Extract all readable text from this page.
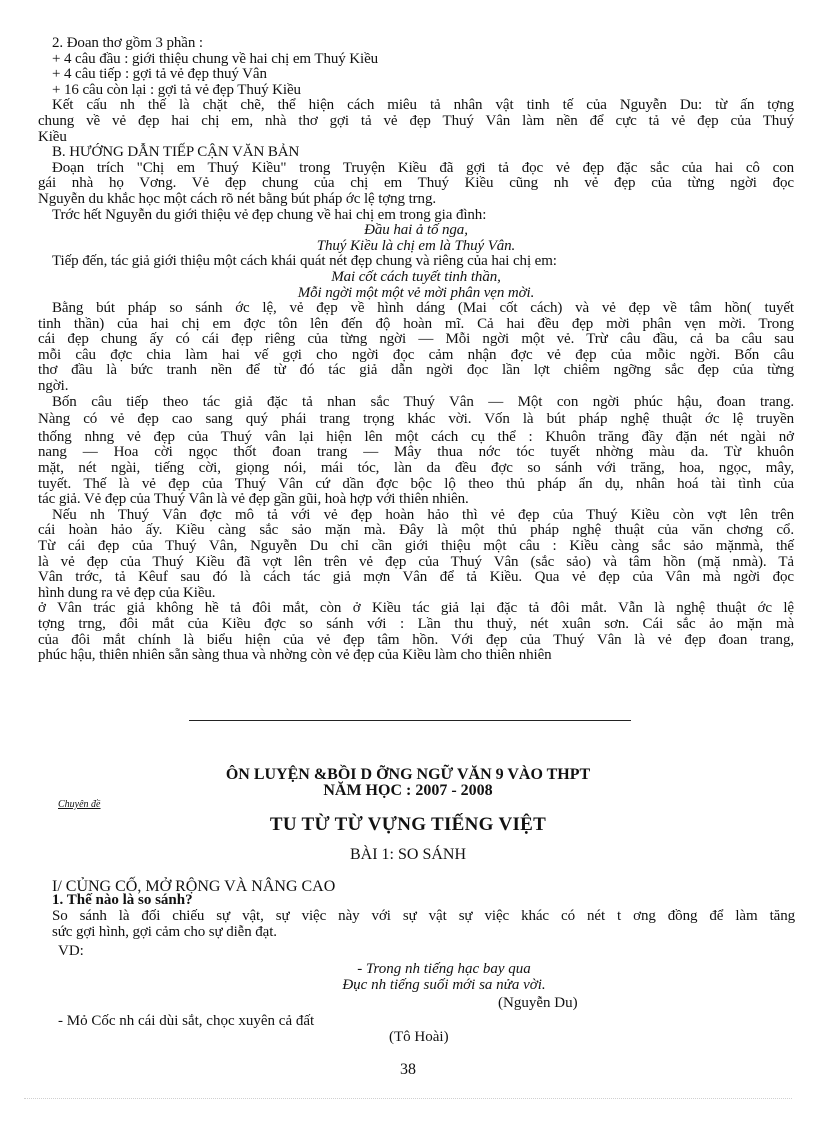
2. Đoan thơ gồm 3 phần :
+ 4 câu đầu : giới thiệu chung về hai chị em Thuý Kiều
+ 4 câu tiếp : gợi tả vẻ đẹp thuý Vân
+ 16 câu còn lại : gợi tả vẻ đẹp Thuý Kiều
Kết cấu nh thế là chặt chẽ, thể hiện cách miêu tả nhân vật tinh tế của Nguyễn Du: từ ấn tợng
chung về vẻ đẹp hai chị em, nhà thơ gợi tả vẻ đẹp Thuý Vân làm nền để cực tả vẻ đẹp của Thuý
Kiều
B. HƯỚNG DẪN TIẾP CẬN VĂN BẢN
Đoạn trích "Chị em Thuý Kiều" trong Truyện Kiều đã gợi tả đọc vẻ đẹp đặc sắc của hai cô con
gái nhà họ Vơng. Vẻ đẹp chung của chị em Thuý Kiều cũng nh vẻ đẹp của từng ngời đọc
Nguyễn du khắc học một cách rõ nét bằng bút pháp ớc lệ tợng trng.
Trớc hết Nguyễn du giới thiệu vẻ đẹp chung về hai chị em trong gia đình:
Đầu hai ả tố nga,
Thuý Kiều là chị em là Thuý Vân.
Tiếp đến, tác giả giới thiệu một cách khái quát nét đẹp chung và riêng của hai chị em:
Mai cốt cách tuyết tinh thần,
Mỗi ngời một một vẻ mời phân vẹn mời.
Bằng bút pháp so sánh ớc lệ, vẻ đẹp về hình dáng (Mai cốt cách) và vẻ đẹp về tâm hồn( tuyết
tinh thần) của hai chị em đợc tôn lên đến độ hoàn mĩ. Cả hai đều đẹp mời phân vẹn mời. Trong
cái đẹp chung ấy có cái đẹp riêng của từng ngời — Mỗi ngời một vẻ. Trừ câu đầu, cả ba câu sau
mỗi câu đợc chia làm hai vế gợi cho ngời đọc cảm nhận đợc vẻ đẹp của mỗic ngời. Bốn câu
thơ đầu là bức tranh nền để từ đó tác giả dẫn ngời đọc lần lợt chiêm ngỡng sắc đẹp của từng
ngời.
Bốn câu tiếp theo tác giả đặc tả nhan sắc Thuý Vân — Một con ngời phúc hậu, đoan trang.
Nàng có vẻ đẹp cao sang quý phái trang trọng khác vời. Vốn là bút pháp nghệ thuật ớc lệ truyền
thống nhng vẻ đẹp của Thuý vân lại hiện lên một cách cụ thể : Khuôn trăng đầy đặn nét ngài nở
nang — Hoa cời ngọc thốt đoan trang — Mây thua nớc tóc tuyết nhờng màu da. Từ khuôn
mặt, nét ngài, tiếng cời, giọng nói, mái tóc, làn da đều đợc so sánh với trăng, hoa, ngọc, mây,
tuyết. Thế là vẻ đẹp của Thuý Vân cứ dần đợc bộc lộ theo thủ pháp ẩn dụ, nhân hoá tài tình của
tác giả. Vẻ đẹp của Thuý Vân là vẻ đẹp gần gũi, hoà hợp với thiên nhiên.
Nếu nh Thuý Vân đợc mô tả với vẻ đẹp hoàn hảo thì vẻ đẹp của Thuý Kiều còn vợt lên trên
cái hoàn hảo ấy. Kiều càng sắc sảo mặn mà. Đây là một thủ pháp nghệ thuật của văn chơng cổ.
Từ cái đẹp của Thuý Vân, Nguyễn Du chỉ cần giới thiệu một câu : Kiều càng sắc sảo mặnmà, thế
là vẻ đẹp của Thuý Kiều đã vợt lên trên vẻ đẹp của Thuý Vân (sắc sảo) và tâm hồn (mặ nmà). Tả
Vân trớc, tả Kêuf sau đó là cách tác giả mợn Vân để tả Kiều. Qua vẻ đẹp của Vân mà ngời đọc
hình dung ra vẻ đẹp của Kiều.
ở Vân trác giả không hề tả đôi mắt, còn ở Kiều tác giả lại đặc tả đôi mắt. Vẫn là nghệ thuật ớc lệ
tợng trng, đôi mắt của Kiều đợc so sánh với : Lần thu thuỷ, nét xuân sơn. Cái sắc ảo mặn mà
của đôi mắt chính là biểu hiện của vẻ đẹp tâm hồn. Với đẹp của Thuý Vân là vẻ đẹp đoan trang,
phúc hậu, thiên nhiên sẵn sàng thua và nhờng còn vẻ đẹp của Kiều làm cho thiên nhiên
ÔN LUYỆN &BỒI D ỠNG NGỮ VĂN 9 VÀO THPT
NĂM HỌC : 2007 - 2008
Chuyên đề
TU TỪ TỪ VỰNG TIẾNG VIỆT
BÀI 1: SO SÁNH
I/ CỦNG CỐ, MỞ RỘNG VÀ NÂNG CAO
1. Thế nào là so sánh?
So sánh là đối chiếu sự vật, sự việc này với sự vật sự việc khác có nét t ơng đồng để làm tăng
sức gợi hình, gợi cảm cho sự diễn đạt.
VD:
- Trong nh tiếng hạc bay qua
Đục nh tiếng suối mới sa nửa vời.
(Nguyễn Du)
- Mỏ Cốc nh cái dùi sắt, chọc xuyên cả đất
(Tô Hoài)
38
